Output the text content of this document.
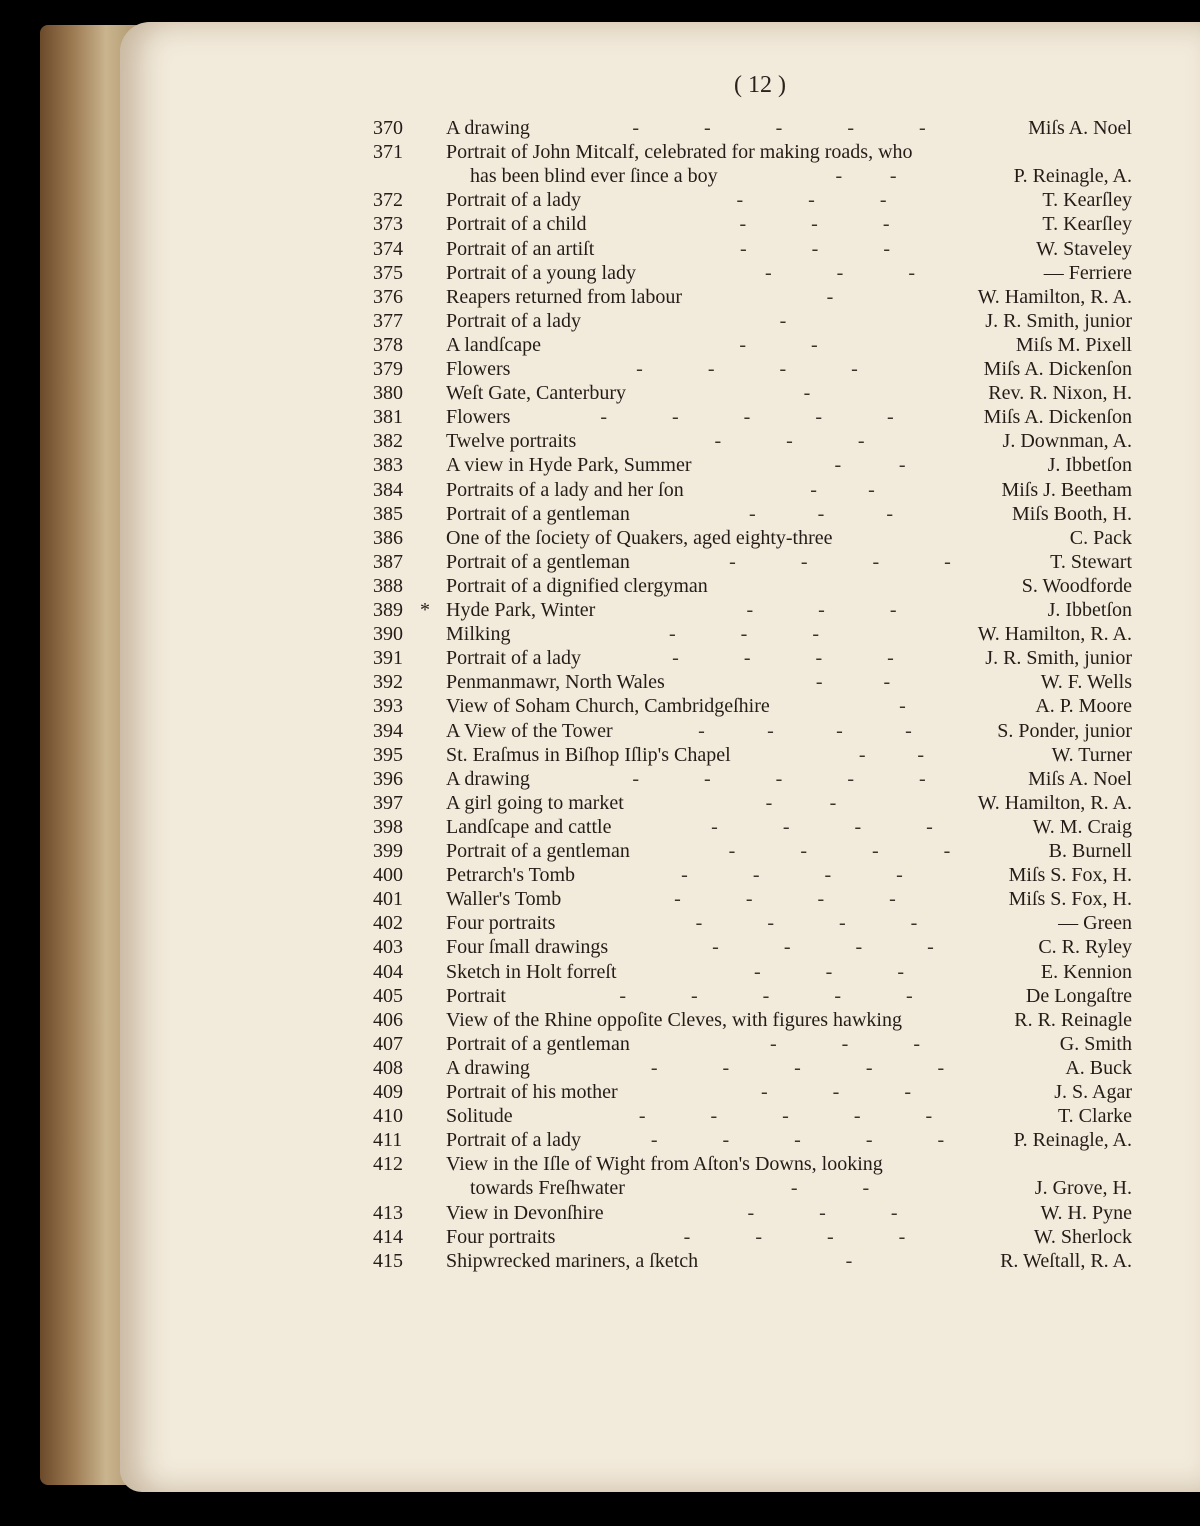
( 12 )
370	A drawing	- - - - -	Miſs A. Noel
371	Portrait of John Mitcalf, celebrated for making roads, who
has been blind ever ſince a boy	- -	P. Reinagle, A.
372	Portrait of a lady	- - -	T. Kearſley
373	Portrait of a child	- - -	T. Kearſley
374	Portrait of an artiſt	- - -	W. Staveley
375	Portrait of a young lady	- - -	— Ferriere
376	Reapers returned from labour	-	W. Hamilton, R. A.
377	Portrait of a lady	-	J. R. Smith, junior
378	A landſcape	- -	Miſs M. Pixell
379	Flowers	- - - -	Miſs A. Dickenſon
380	Weſt Gate, Canterbury	-	Rev. R. Nixon, H.
381	Flowers	- - - - -	Miſs A. Dickenſon
382	Twelve portraits	- - -	J. Downman, A.
383	A view in Hyde Park, Summer	- -	J. Ibbetſon
384	Portraits of a lady and her ſon	- -	Miſs J. Beetham
385	Portrait of a gentleman	- - -	Miſs Booth, H.
386	One of the ſociety of Quakers, aged eighty-three	C. Pack
387	Portrait of a gentleman	- - - -	T. Stewart
388	Portrait of a dignified clergyman	S. Woodforde
389 * Hyde Park, Winter	- - -	J. Ibbetſon
390	Milking	- - -	W. Hamilton, R. A.
391	Portrait of a lady	- - - -	J. R. Smith, junior
392	Penmanmawr, North Wales	- -	W. F. Wells
393	View of Soham Church, Cambridgeſhire	-	A. P. Moore
394	A View of the Tower	- - - -	S. Ponder, junior
395	St. Eraſmus in Biſhop Iſlip's Chapel	- -	W. Turner
396	A drawing	- - - - -	Miſs A. Noel
397	A girl going to market	- -	W. Hamilton, R. A.
398	Landſcape and cattle	- - - -	W. M. Craig
399	Portrait of a gentleman	- - - -	B. Burnell
400	Petrarch's Tomb	- - - -	Miſs S. Fox, H.
401	Waller's Tomb	- - - -	Miſs S. Fox, H.
402	Four portraits	- - - -	— Green
403	Four ſmall drawings	- - - -	C. R. Ryley
404	Sketch in Holt forreſt	- - -	E. Kennion
405	Portrait	- - - - -	De Longaſtre
406	View of the Rhine oppoſite Cleves, with figures hawking	R. R. Reinagle
407	Portrait of a gentleman	- - -	G. Smith
408	A drawing	- - - - -	A. Buck
409	Portrait of his mother	- - -	J. S. Agar
410	Solitude	- - - - -	T. Clarke
411	Portrait of a lady	- - - - -	P. Reinagle, A.
412	View in the Iſle of Wight from Aſton's Downs, looking
towards Freſhwater	- -	J. Grove, H.
413	View in Devonſhire	- - -	W. H. Pyne
414	Four portraits	- - - -	W. Sherlock
415	Shipwrecked mariners, a ſketch	-	R. Weſtall, R. A.
